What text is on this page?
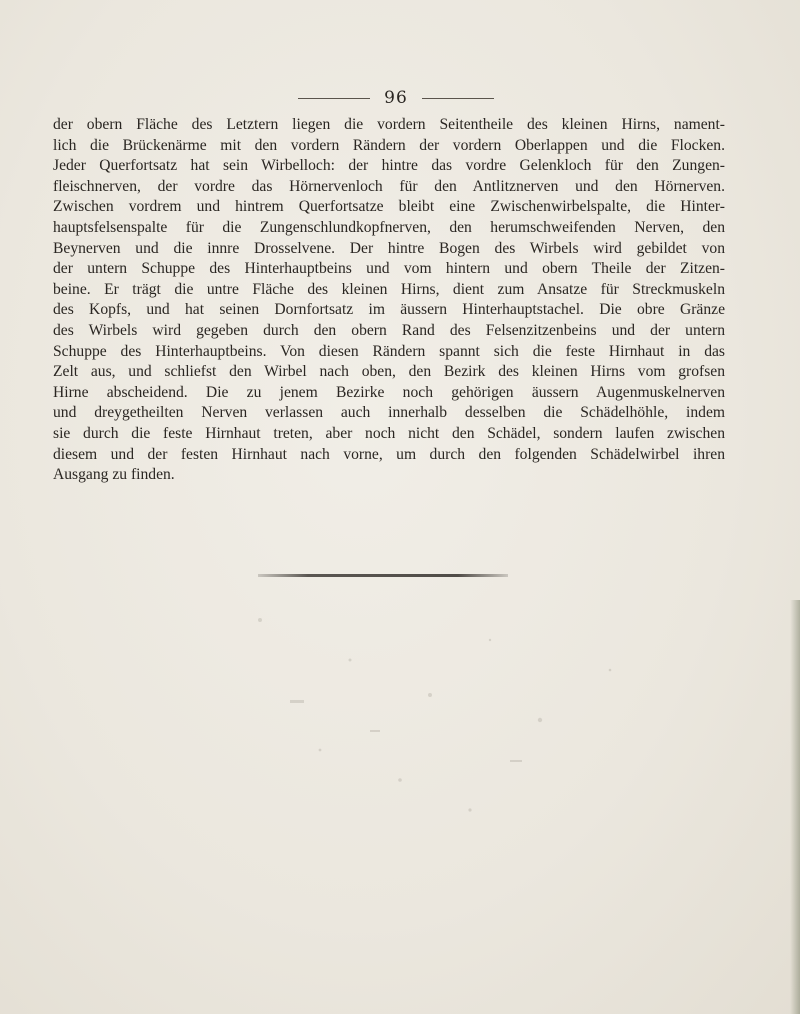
96

der obern Fläche des Letztern liegen die vordern Seitentheile des kleinen Hirns, nament-
lich die Brückenärme mit den vordern Rändern der vordern Oberlappen und die Flocken.
Jeder Querfortsatz hat sein Wirbelloch: der hintre das vordre Gelenkloch für den Zungen-
fleischnerven, der vordre das Hörnervenloch für den Antlitznerven und den Hörnerven.
Zwischen vordrem und hintrem Querfortsatze bleibt eine Zwischenwirbelspalte, die Hinter-
hauptsfelsenspalte für die Zungenschlundkopfnerven, den herumschweifenden Nerven, den
Beynerven und die innre Drosselvene. Der hintre Bogen des Wirbels wird gebildet von
der untern Schuppe des Hinterhauptbeins und vom hintern und obern Theile der Zitzen-
beine. Er trägt die untre Fläche des kleinen Hirns, dient zum Ansatze für Streckmuskeln
des Kopfs, und hat seinen Dornfortsatz im äussern Hinterhauptstachel. Die obre Gränze
des Wirbels wird gegeben durch den obern Rand des Felsenzitzenbeins und der untern
Schuppe des Hinterhauptbeins. Von diesen Rändern spannt sich die feste Hirnhaut in das
Zelt aus, und schliefst den Wirbel nach oben, den Bezirk des kleinen Hirns vom grofsen
Hirne abscheidend. Die zu jenem Bezirke noch gehörigen äussern Augenmuskelnerven
und dreygetheilten Nerven verlassen auch innerhalb desselben die Schädelhöhle, indem
sie durch die feste Hirnhaut treten, aber noch nicht den Schädel, sondern laufen zwischen
diesem und der festen Hirnhaut nach vorne, um durch den folgenden Schädelwirbel ihren
Ausgang zu finden.
